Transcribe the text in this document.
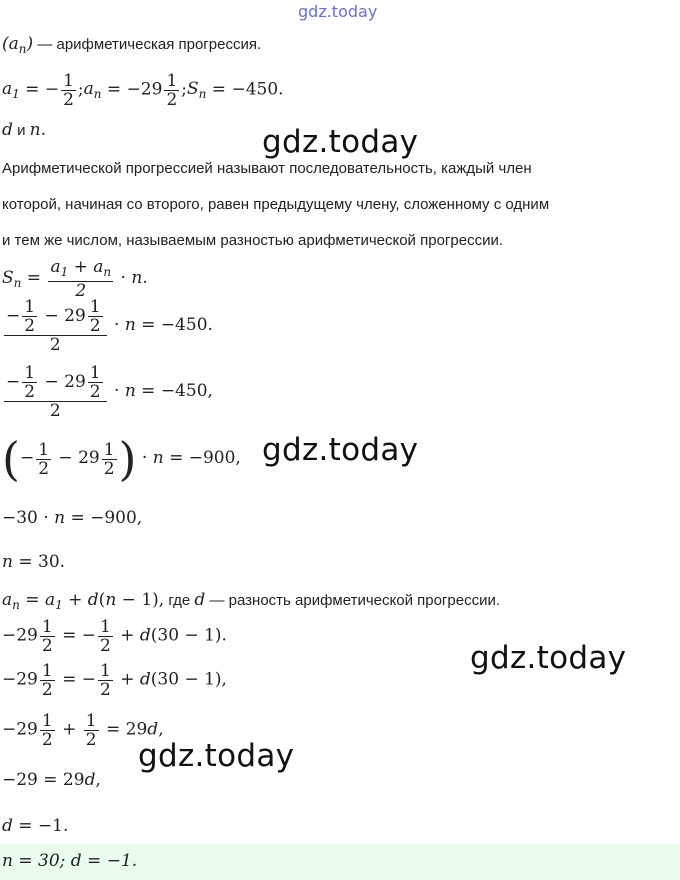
gdz.today
$(a_n)$ — арифметическая прогрессия.
$a_1$ = − $\frac{1}{2}$ $;a_n = -29 \frac{1}{2}$ $;S_n = -450$.
d и n.	gdz.today
Арифметической прогрессией называют последовательность, каждый член
которой, начиная со второго, равен предыдущему члену, сложенному с одним
и тем же числом, называемым разностью арифметической прогрессии.
$S_n = \frac{a_1 + a_n}{2} \cdot n$.
$\frac{- \frac{1}{2} - 29 \frac{1}{2}}{2} \cdot n = -450$.
$\frac{- \frac{1}{2} - 29 \frac{1}{2}}{2} \cdot n = -450$,
(− $\frac{1}{2} - 29 \frac{1}{2}$ ) · n = −900, gdz.today
−30 · n = −900,
n = 30.
$a_n = a_1 + d(n - 1)$, где d — разность арифметической прогрессии.
$-29 \frac{1}{2}$ = − $\frac{1}{2} + d(30 - 1)$.
gdz.today
$-29 \frac{1}{2}$ = − $\frac{1}{2} + d(30 - 1)$,
$-29 \frac{1}{2} + \frac{1}{2} = 29d$,
gdz.today
−29 = 29d,
d = −1.
n = 30; d = −1.
